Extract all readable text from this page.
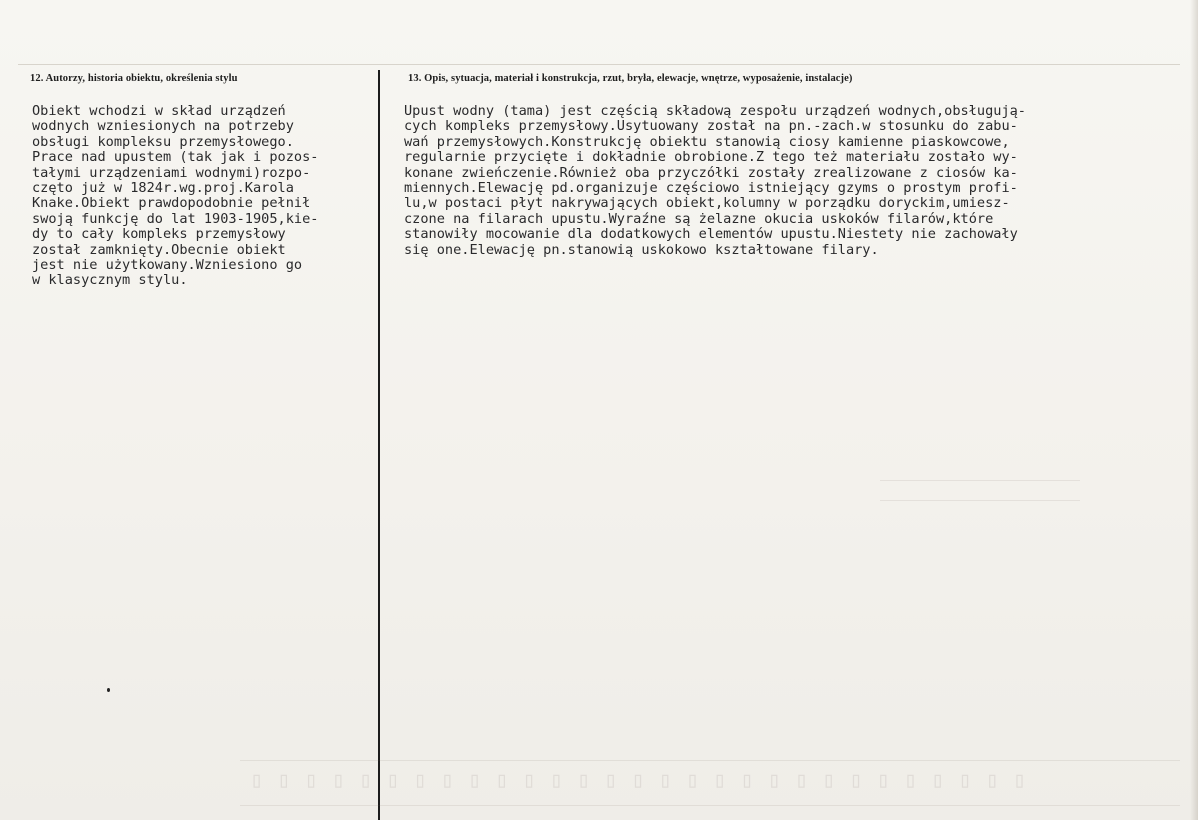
12. Autorzy, historia obiektu, określenia stylu	13. Opis, sytuacja, materiał i konstrukcja, rzut, bryła, elewacje, wnętrze, wyposażenie, instalacje)
Obiekt wchodzi w skład urządzeń
wodnych wzniesionych na potrzeby
obsługi kompleksu przemysłowego.
Prace nad upustem (tak jak i pozos-
tałymi urządzeniami wodnymi)rozpo-
częto już w 1824r.wg.proj.Karola
Knake.Obiekt prawdopodobnie pełnił
swoją funkcję do lat 1903-1905,kie-
dy to cały kompleks przemysłowy
został zamknięty.Obecnie obiekt
jest nie użytkowany.Wzniesiono go
w klasycznym stylu.
Upust wodny (tama) jest częścią składową zespołu urządzeń wodnych,obsługują-
cych kompleks przemysłowy.Usytuowany został na pn.-zach.w stosunku do zabu-
wań przemysłowych.Konstrukcję obiektu stanowią ciosy kamienne piaskowcowe,
regularnie przycięte i dokładnie obrobione.Z tego też materiału zostało wy-
konane zwieńczenie.Również oba przyczółki zostały zrealizowane z ciosów ka-
miennych.Elewację pd.organizuje częściowo istniejący gzyms o prostym profi-
lu,w postaci płyt nakrywających obiekt,kolumny w porządku doryckim,umiesz-
czone na filarach upustu.Wyraźne są żelazne okucia uskoków filarów,które
stanowiły mocowanie dla dodatkowych elementów upustu.Niestety nie zachowały
się one.Elewację pn.stanowią uskokowo kształtowane filary.
▯▯▯▯▯▯▯▯▯▯▯▯▯▯▯▯▯▯▯▯▯▯▯▯▯▯▯▯▯
